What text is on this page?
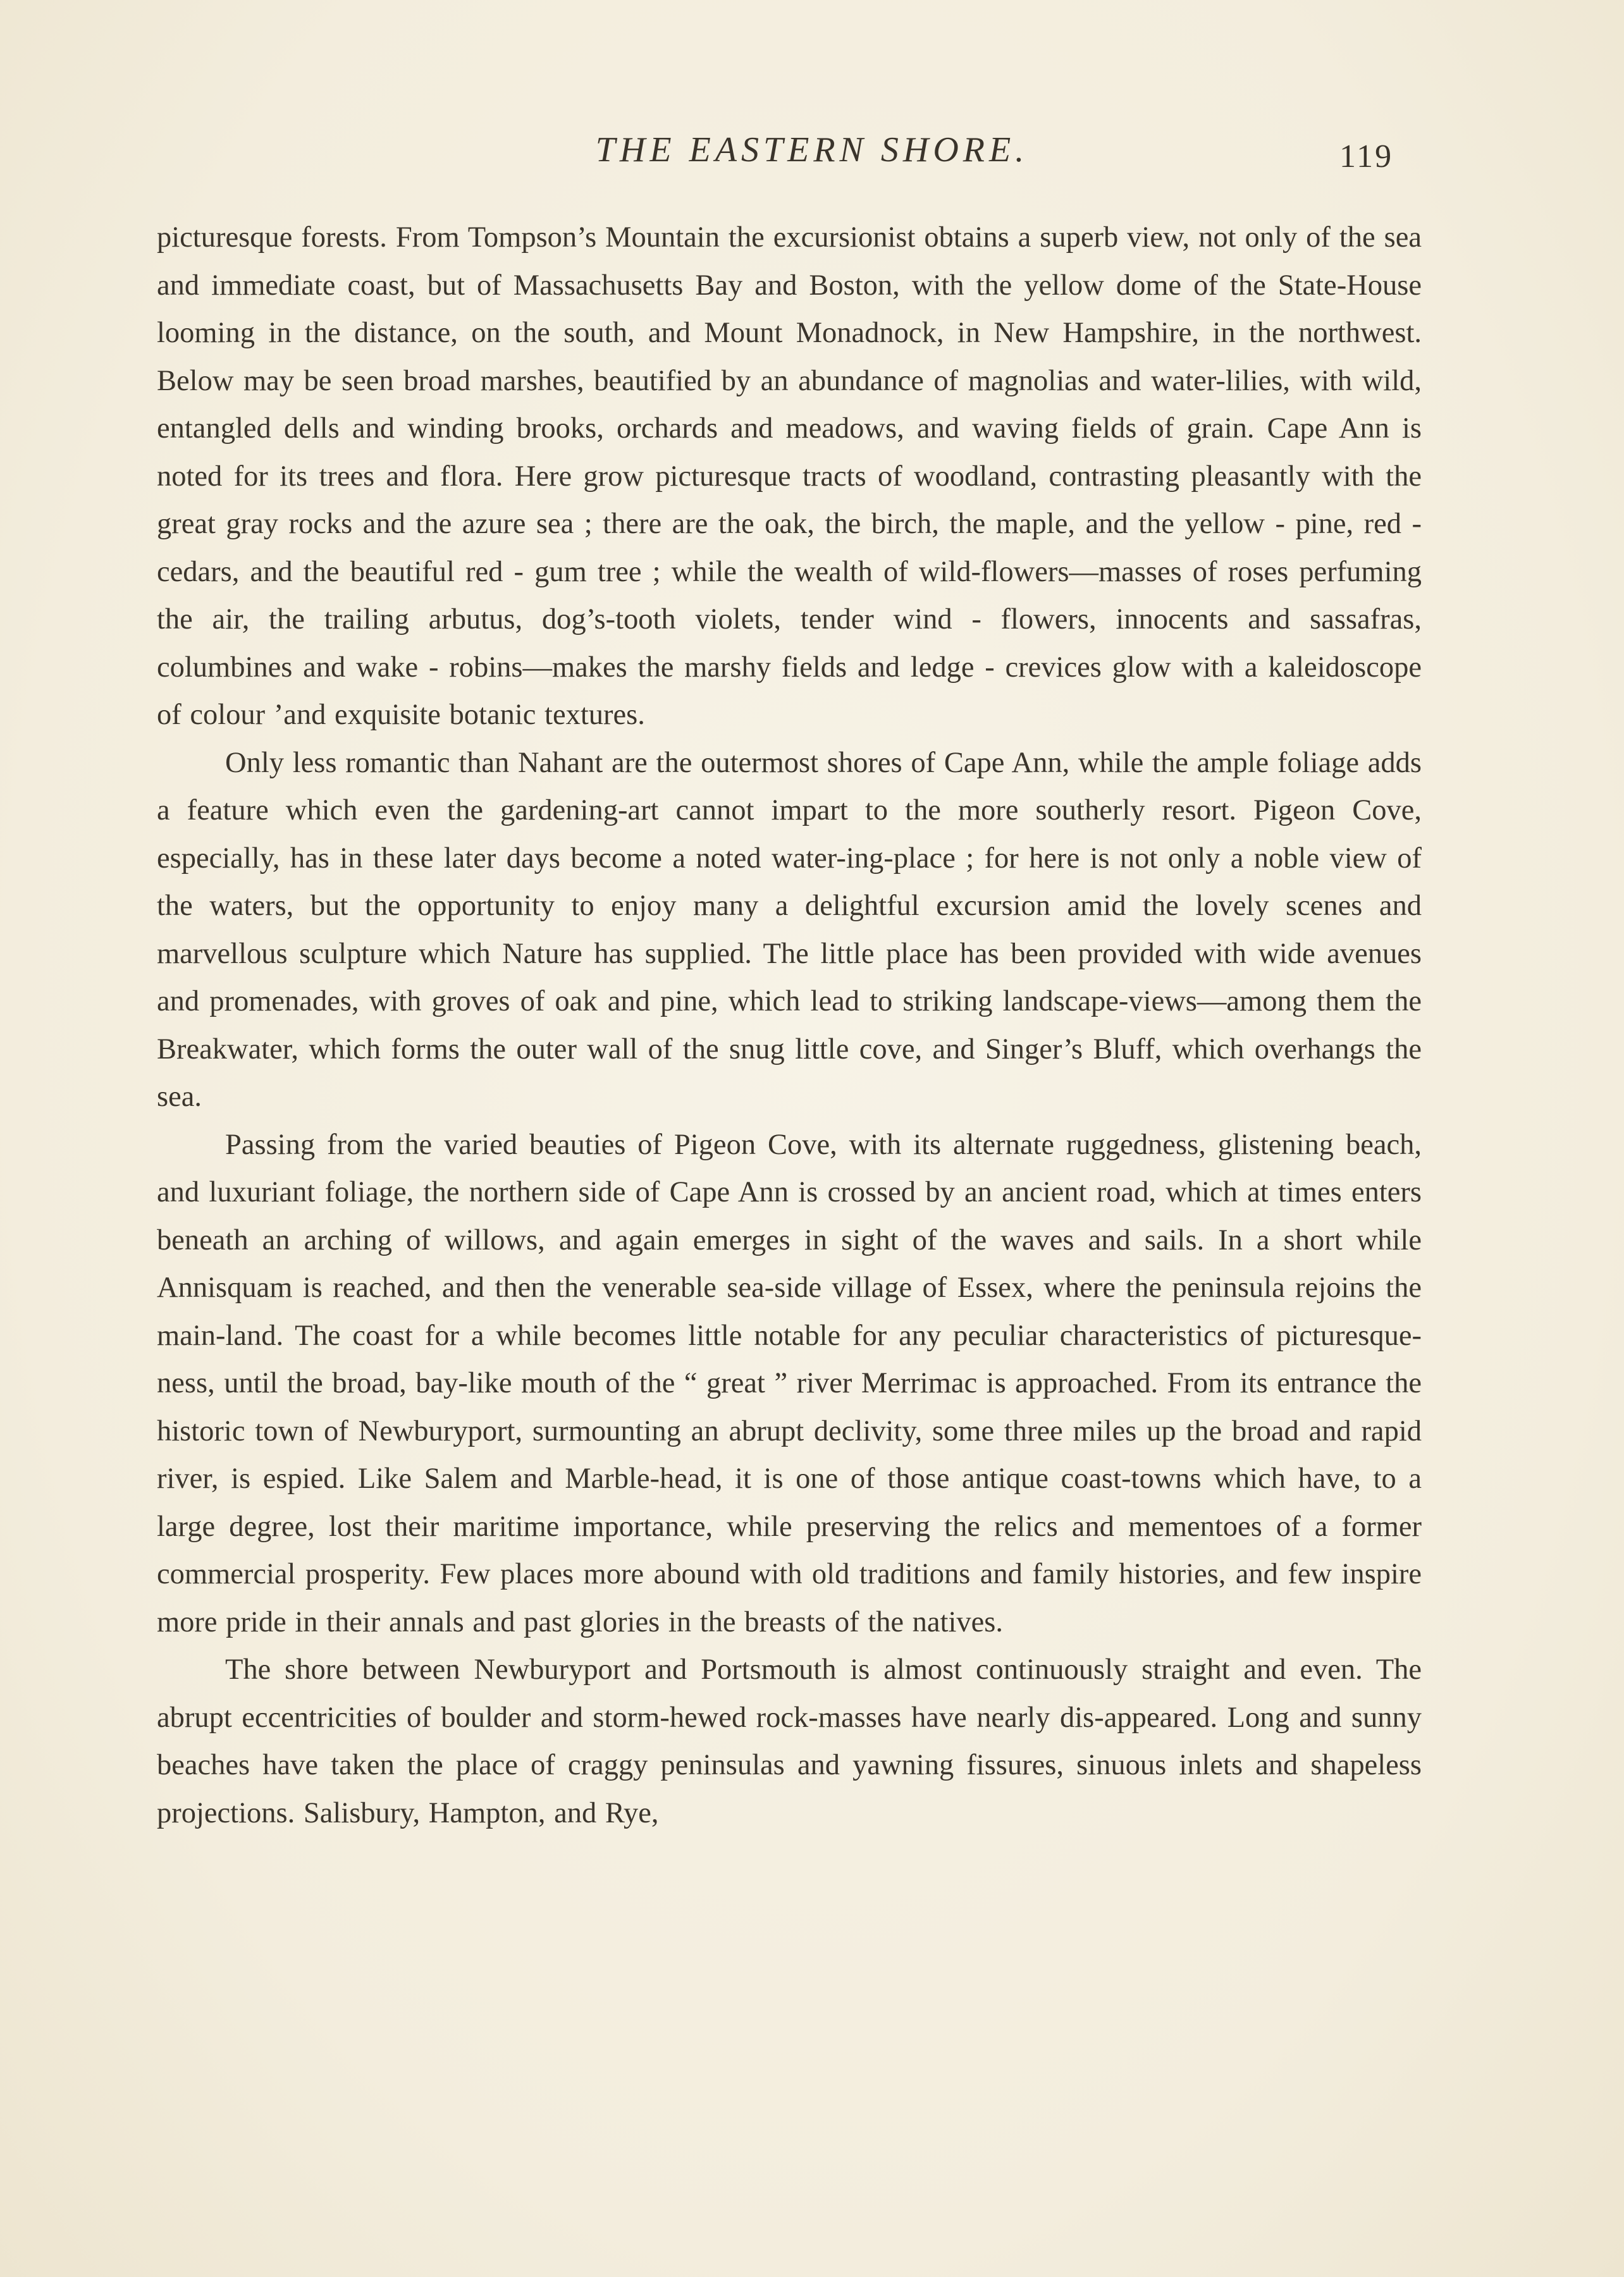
THE EASTERN SHORE.	119

picturesque forests. From Tompson’s Mountain the excursionist obtains a superb view, not only of the sea and immediate coast, but of Massachusetts Bay and Boston, with the yellow dome of the State-House looming in the distance, on the south, and Mount Monadnock, in New Hampshire, in the northwest. Below may be seen broad marshes, beautified by an abundance of magnolias and water-lilies, with wild, entangled dells and winding brooks, orchards and meadows, and waving fields of grain. Cape Ann is noted for its trees and flora. Here grow picturesque tracts of woodland, contrasting pleasantly with the great gray rocks and the azure sea ; there are the oak, the birch, the maple, and the yellow - pine, red - cedars, and the beautiful red - gum tree ; while the wealth of wild-flowers—masses of roses perfuming the air, the trailing arbutus, dog’s-tooth violets, tender wind - flowers, innocents and sassafras, columbines and wake - robins—makes the marshy fields and ledge - crevices glow with a kaleidoscope of colour ’and exquisite botanic textures.

Only less romantic than Nahant are the outermost shores of Cape Ann, while the ample foliage adds a feature which even the gardening-art cannot impart to the more southerly resort. Pigeon Cove, especially, has in these later days become a noted water-ing-place ; for here is not only a noble view of the waters, but the opportunity to enjoy many a delightful excursion amid the lovely scenes and marvellous sculpture which Nature has supplied. The little place has been provided with wide avenues and promenades, with groves of oak and pine, which lead to striking landscape-views—among them the Breakwater, which forms the outer wall of the snug little cove, and Singer’s Bluff, which overhangs the sea.

Passing from the varied beauties of Pigeon Cove, with its alternate ruggedness, glistening beach, and luxuriant foliage, the northern side of Cape Ann is crossed by an ancient road, which at times enters beneath an arching of willows, and again emerges in sight of the waves and sails. In a short while Annisquam is reached, and then the venerable sea-side village of Essex, where the peninsula rejoins the main-land. The coast for a while becomes little notable for any peculiar characteristics of picturesque-ness, until the broad, bay-like mouth of the “ great ” river Merrimac is approached. From its entrance the historic town of Newburyport, surmounting an abrupt declivity, some three miles up the broad and rapid river, is espied. Like Salem and Marble-head, it is one of those antique coast-towns which have, to a large degree, lost their maritime importance, while preserving the relics and mementoes of a former commercial prosperity. Few places more abound with old traditions and family histories, and few inspire more pride in their annals and past glories in the breasts of the natives.

The shore between Newburyport and Portsmouth is almost continuously straight and even. The abrupt eccentricities of boulder and storm-hewed rock-masses have nearly dis-appeared. Long and sunny beaches have taken the place of craggy peninsulas and yawning fissures, sinuous inlets and shapeless projections. Salisbury, Hampton, and Rye,
